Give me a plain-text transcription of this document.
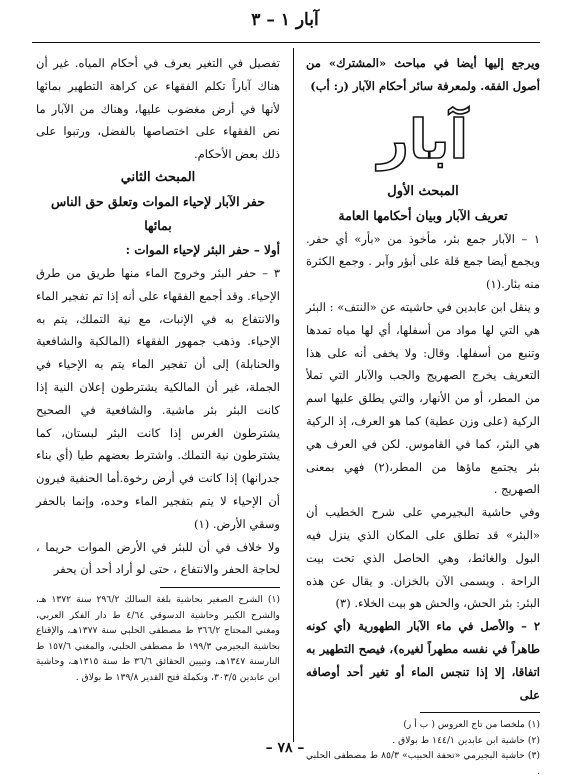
آبار ١ – ٣

ويرجع إليها أيضا في مباحث «المشترك» من أصول الفقه. ولمعرفة سائر أحكام الآبار (ر: أب)

آبار
المبحث الأول
تعريف الآبار وبيان أحكامها العامة

١ – الآبار جمع بئر، مأخوذ من «بأر» أي حفر. ويجمع أيضا جمع قلة على أبؤر وآبر . وجمع الكثرة منه بئار.(١)

و ينقل ابن عابدين في حاشيته عن «النتف» : البئر هي التي لها مواد من أسفلها، أي لها مياه تمدها وتنبع من أسفلها. وقال: ولا يخفى أنه على هذا التعريف يخرج الصهريج والجب والآبار التي تملأ من المطر، أو من الأنهار، والتي يطلق عليها اسم الركية (على وزن عطية) كما هو العرف، إذ الركية هي البئر، كما في القاموس. لكن في العرف هي بئر يجتمع ماؤها من المطر،(٢) فهي بمعنى الصهريج .

وفي حاشية البجيرمي على شرح الخطيب أن «البئر» قد تطلق على المكان الذي ينزل فيه البول والغائط، وهي الحاصل الذي تحت بيت الراحة . ويسمى الآن بالخزان. و يقال عن هذه البئر: بئر الحش، والحش هو بيت الخلاء. (٣)

٢ – والأصل في ماء الآبار الطهورية (أي كونه طاهراً في نفسه مطهراً لغيره)، فيصح التطهير به اتفاقا، إلا إذا تنجس الماء أو تغير أحد أوصافه على

(١) ملخصا من تاج العروس ( ب أ ر)
(٢) حاشية ابن عابدين ١٤٤/١ ط بولاق .
(٣) حاشية البجيرمي «تحفة الحبيب» ٨٥/٣ ط مصطفى الحلبي .

تفصيل في التغير يعرف في أحكام المياه. غير أن هناك آباراً تكلم الفقهاء عن كراهة التطهير بمائها لأنها في أرض مغضوب عليها، وهناك من الآبار ما نص الفقهاء على اختصاصها بالفضل، ورتبوا على ذلك بعض الأحكام.

المبحث الثاني
حفر الآبار لإحياء الموات وتعلق حق الناس بمائها
أولا – حفر البئر لإحياء الموات :

٣ – حفر البئر وخروج الماء منها طريق من طرق الإحياء. وقد أجمع الفقهاء على أنه إذا تم تفجير الماء والانتفاع به في الإنبات، مع نية التملك، يتم به الإحياء. وذهب جمهور الفقهاء (المالكية والشافعية والحنابلة) إلى أن تفجير الماء يتم به الإحياء في الجملة، غير أن المالكية يشترطون إعلان النية إذا كانت البئر بئر ماشية. والشافعية في الصحيح يشترطون الغرس إذا كانت البئر لبستان، كما يشترطون نية التملك. واشترط بعضهم طيا (أي بناء جدرانها) إذا كانت في أرض رخوة.أما الحنفية فيرون أن الإحياء لا يتم بتفجير الماء وحده، وإنما بالحفر وسقي الأرض. (١)

ولا خلاف في أن للبئر في الأرض الموات حريما ، لحاجة الحفر والانتفاع ، حتى لو أراد أحد أن يحفر

(١) الشرح الصغير بحاشية بلغة السالك ٢٩٦/٢ سنة ١٣٧٢ هـ، والشرح الكبير وحاشية الدسوقي ٤/٦٤ ط دار الفكر العربي، ومغني المحتاج ٣٦٦/٢ ط مصطفى الحلبي سنة ١٣٧٧هـ، والإقناع بحاشية البجيرمي ١٩٩/٣ ط مصطفى الحلبي، والمغني ١٥٧/٦ ط النارسنة ١٣٤٧هـ، وتبيين الحقائق ٣٦/٦ ط سنة ١٣١٥هـ، وحاشية ابن عابدين ٣٠٣/٥، وتكملة فتح القدير ١٣٩/٨ ط بولاق .
– ٧٨ –
